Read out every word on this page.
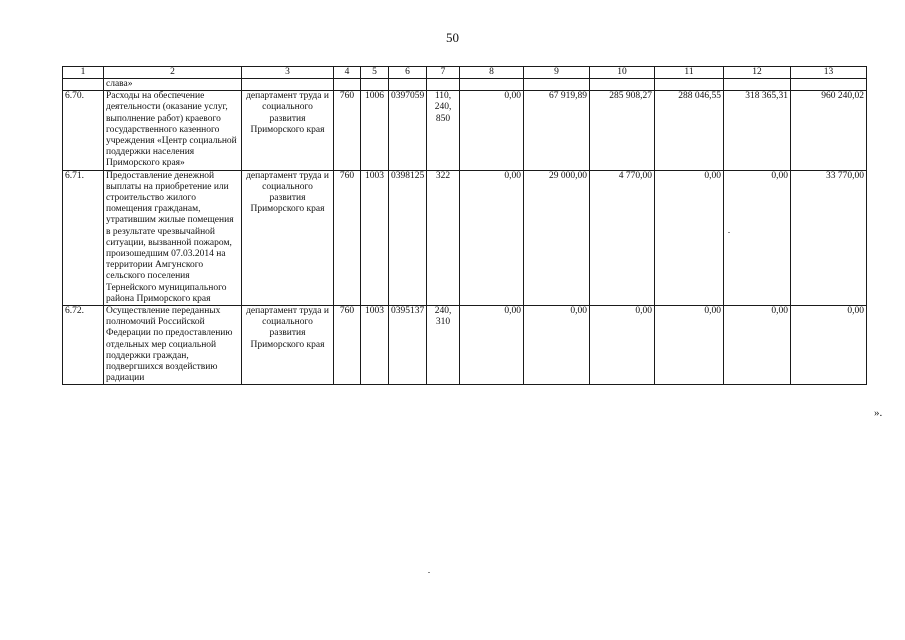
50
1	2	3	4	5	6	7	8	9	10	11	12	13
	слава»											
6.70.	Расходы на обеспечение деятельности (оказание услуг, выполнение работ) краевого государственного казенного учреждения «Центр социальной поддержки населения Приморского края»	департамент труда и социального развития Приморского края	760	1006	0397059	110, 240, 850	0,00	67 919,89	285 908,27	288 046,55	318 365,31	960 240,02
6.71.	Предоставление денежной выплаты на приобретение или строительство жилого помещения гражданам, утратившим жилые помещения в результате чрезвычайной ситуации, вызванной пожаром, произошедшим 07.03.2014 на территории Амгунского сельского поселения Тернейского муниципального района Приморского края	департамент труда и социального развития Приморского края	760	1003	0398125	322	0,00	29 000,00	4 770,00	0,00	0,00	33 770,00
6.72.	Осуществление переданных полномочий Российской Федерации по предоставлению отдельных мер социальной поддержки граждан, подвергшихся воздействию радиации	департамент труда и социального развития Приморского края	760	1003	0395137	240, 310	0,00	0,00	0,00	0,00	0,00	0,00
».
